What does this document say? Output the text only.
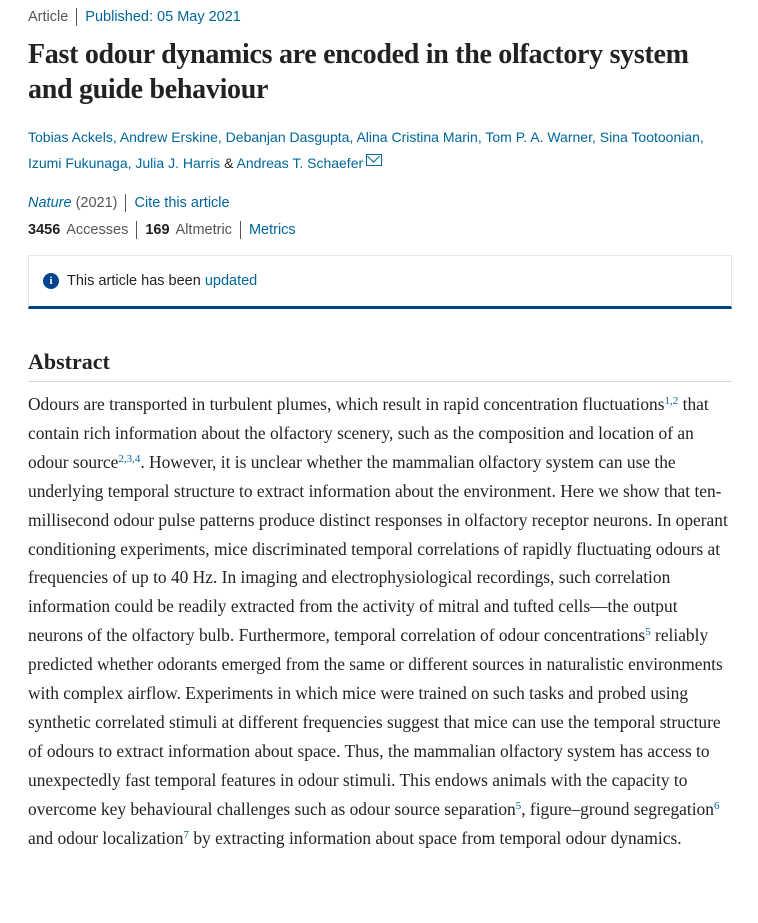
Article Published: 05 May 2021
Fast odour dynamics are encoded in the olfactory system and guide behaviour
Tobias Ackels, Andrew Erskine, Debanjan Dasgupta, Alina Cristina Marin, Tom P. A. Warner, Sina Tootoonian, Izumi Fukunaga, Julia J. Harris & Andreas T. Schaefer
Nature
(2021) Cite this article
3456 Accesses 169 Altmetric Metrics
i This article has been
updated
Abstract

Odours are transported in turbulent plumes, which result in rapid concentration fluctuations$^{1,2}$ that contain rich information about the olfactory scenery, such as the composition and location of an odour source$^{2,3,4}$. However, it is unclear whether the mammalian olfactory system can use the underlying temporal structure to extract information about the environment. Here we show that ten-millisecond odour pulse patterns produce distinct responses in olfactory receptor neurons. In operant conditioning experiments, mice discriminated temporal correlations of rapidly fluctuating odours at frequencies of up to 40 Hz. In imaging and electrophysiological recordings, such correlation information could be readily extracted from the activity of mitral and tufted cells—the output neurons of the olfactory bulb. Furthermore, temporal correlation of odour concentrations$^5$ reliably predicted whether odorants emerged from the same or different sources in naturalistic environments with complex airflow. Experiments in which mice were trained on such tasks and probed using synthetic correlated stimuli at different frequencies suggest that mice can use the temporal structure of odours to extract information about space. Thus, the mammalian olfactory system has access to unexpectedly fast temporal features in odour stimuli. This endows animals with the capacity to overcome key behavioural challenges such as odour source separation$^5$, figure–ground segregation$^6$ and odour localization$^7$ by extracting information about space from temporal odour dynamics.
